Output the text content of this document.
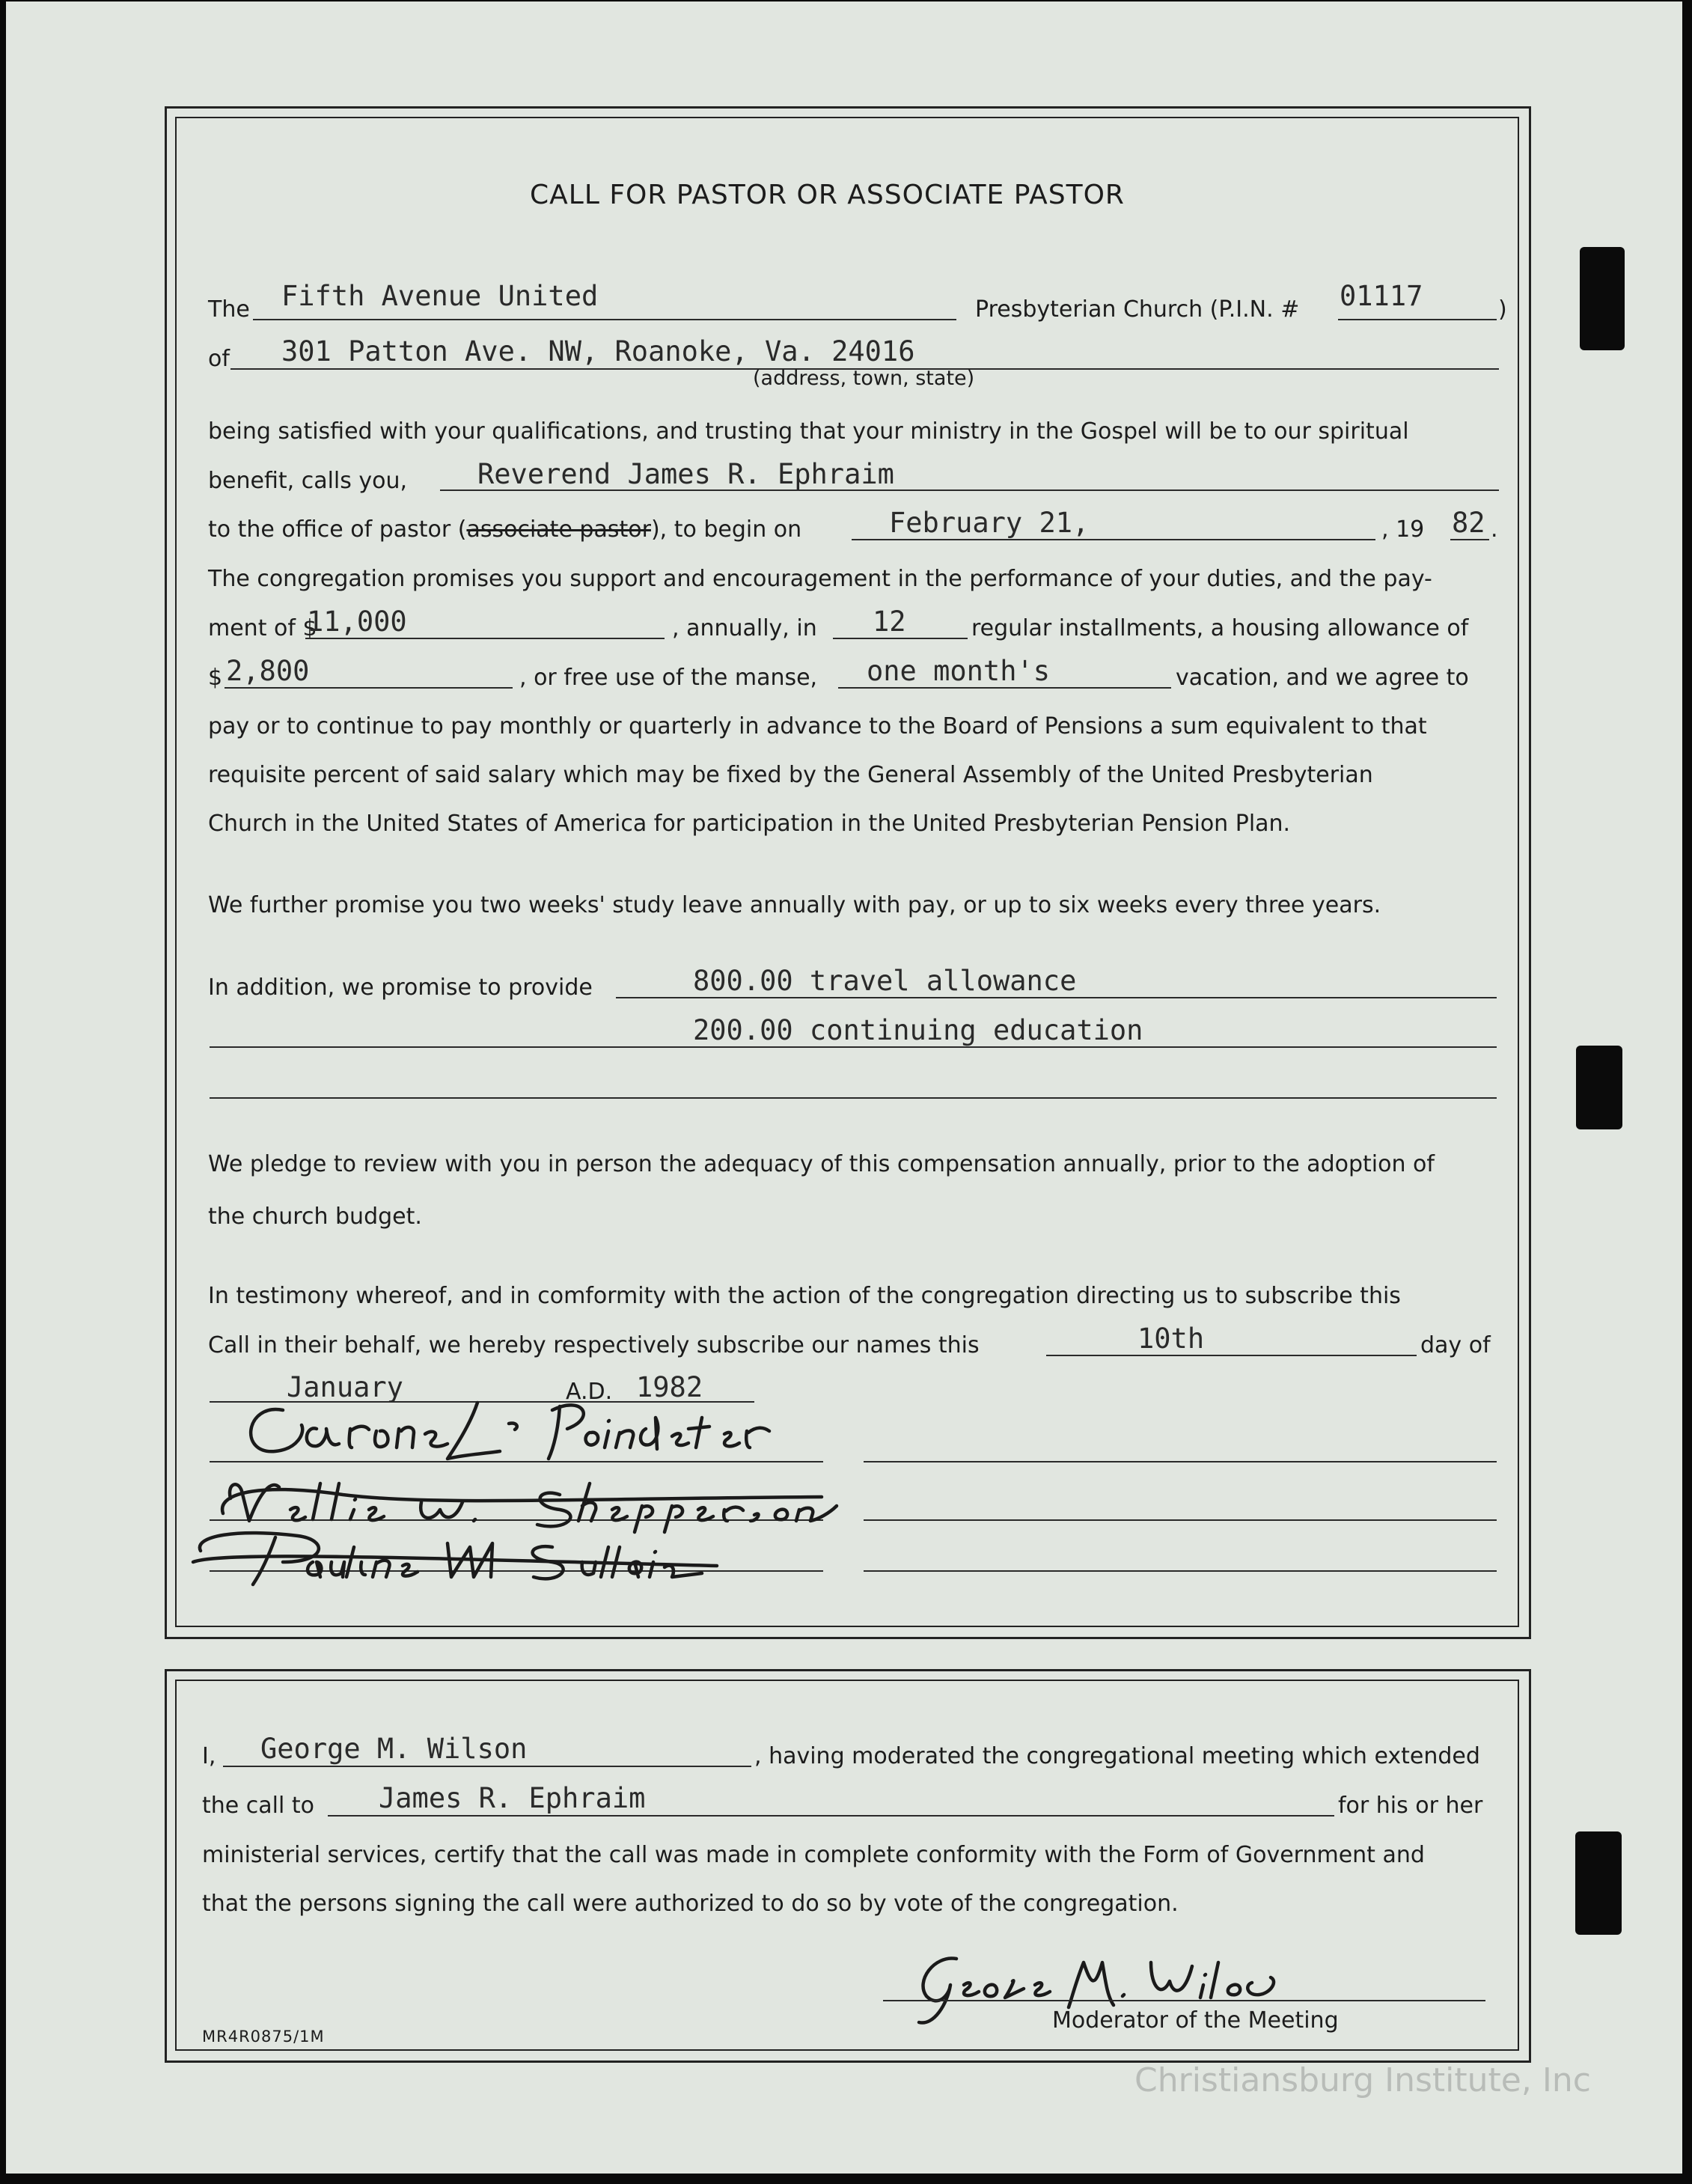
CALL FOR PASTOR OR ASSOCIATE PASTOR
The Fifth Avenue United	Presbyterian Church (P.I.N. # 01117	)
of 301 Patton Ave. NW, Roanoke, Va. 24016
(address, town, state)
being satisfied with your qualifications, and trusting that your ministry in the Gospel will be to our spiritual
benefit, calls you,	Reverend James R. Ephraim
to the office of pastor (associate pastor), to begin on	February 21,	, 19 82 .
The congregation promises you support and encouragement in the performance of your duties, and the pay-
ment of $
11,000	, annually, in 12	regular installments, a housing allowance of
$ 2,800	, or free use of the manse, one month's	vacation, and we agree to
pay or to continue to pay monthly or quarterly in advance to the Board of Pensions a sum equivalent to that
requisite percent of said salary which may be fixed by the General Assembly of the United Presbyterian
Church in the United States of America for participation in the United Presbyterian Pension Plan.
We further promise you two weeks' study leave annually with pay, or up to six weeks every three years.
In addition, we promise to provide	800.00 travel allowance
200.00 continuing education
We pledge to review with you in person the adequacy of this compensation annually, prior to the adoption of
the church budget.
In testimony whereof, and in comformity with the action of the congregation directing us to subscribe this
Call in their behalf, we hereby respectively subscribe our names this	10th	day of
January	A.D. 1982
I, George M. Wilson	, having moderated the congregational meeting which extended
the call to James R. Ephraim	for his or her
ministerial services, certify that the call was made in complete conformity with the Form of Government and
that the persons signing the call were authorized to do so by vote of the congregation.
Moderator of the Meeting
MR4R0875/1M
Christiansburg Institute, Inc
